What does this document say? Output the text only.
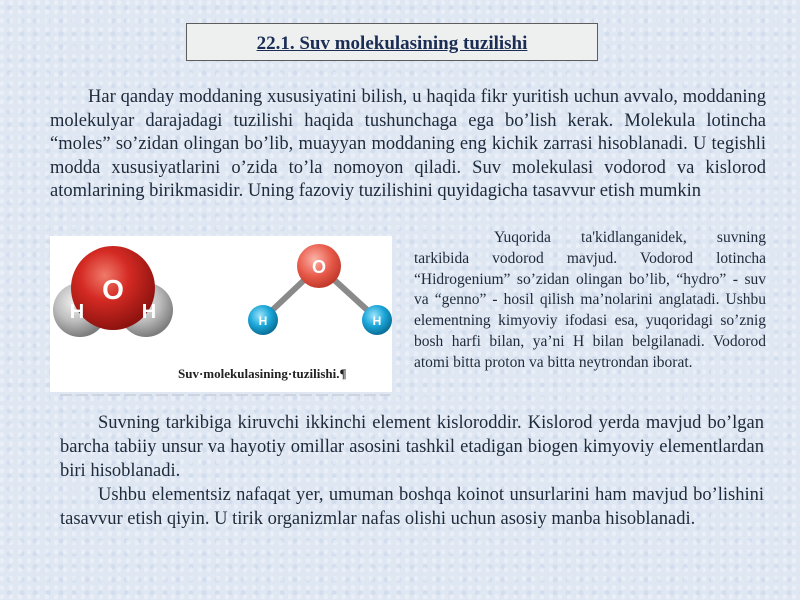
22.1. Suv molekulasining tuzilishi

Har qanday moddaning xususiyatini bilish, u haqida fikr yuritish uchun avvalo, moddaning molekulyar darajadagi tuzilishi haqida tushunchaga ega bo’lish kerak. Molekula lotincha “moles” so’zidan olingan bo’lib, muayyan moddaning eng kichik zarrasi hisoblanadi. U tegishli modda xususiyatlarini o’zida to’la nomoyon qiladi. Suv molekulasi vodorod va kislorod atomlarining birikmasidir. Uning fazoviy tuzilishini quyidagicha tasavvur etish mumkin

O
H	H
O
H	H
Suv·molekulasining·tuzilishi.¶

Yuqorida ta'kidlanganidek, suvning tarkibida vodorod mavjud. Vodorod lotincha “Hidrogenium” so’zidan olingan bo’lib, “hydro” - suv va “genno” - hosil qilish ma’nolarini anglatadi. Ushbu elementning kimyoviy ifodasi esa, yuqoridagi so’znig bosh harfi bilan, ya’ni H bilan belgilanadi. Vodorod atomi bitta proton va bitta neytrondan iborat.

Suvning tarkibiga kiruvchi ikkinchi element kisloroddir. Kislorod yerda mavjud bo’lgan barcha tabiiy unsur va hayotiy omillar asosini tashkil etadigan biogen kimyoviy elementlardan biri hisoblanadi.

Ushbu elementsiz nafaqat yer, umuman boshqa koinot unsurlarini ham mavjud bo’lishini tasavvur etish qiyin. U tirik organizmlar nafas olishi uchun asosiy manba hisoblanadi.
